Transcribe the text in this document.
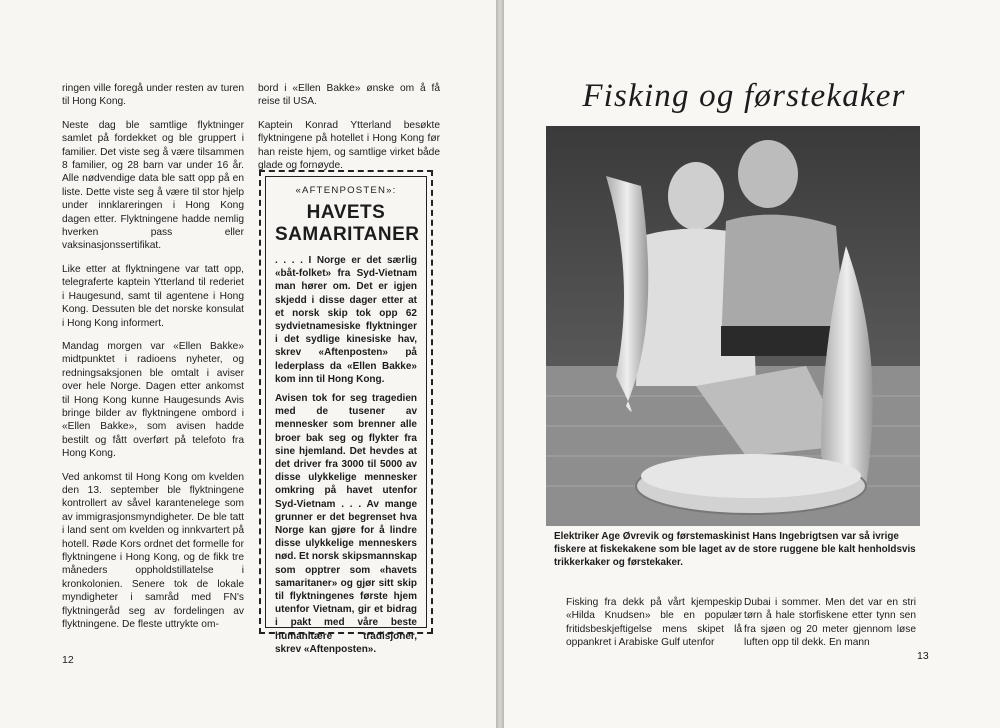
ringen ville foregå under resten av turen til Hong Kong.

Neste dag ble samtlige flyktninger samlet på fordekket og ble gruppert i familier. Det viste seg å være tilsammen 8 familier, og 28 barn var under 16 år. Alle nødvendige data ble satt opp på en liste. Dette viste seg å være til stor hjelp under innklareringen i Hong Kong dagen etter. Flyktningene hadde nemlig hverken pass eller vaksinasjonssertifikat.

Like etter at flyktningene var tatt opp, telegraferte kaptein Ytterland til rederiet i Haugesund, samt til agentene i Hong Kong. Dessuten ble det norske konsulat i Hong Kong informert.

Mandag morgen var «Ellen Bakke» midtpunktet i radioens nyheter, og redningsaksjonen ble omtalt i aviser over hele Norge. Dagen etter ankomst til Hong Kong kunne Haugesunds Avis bringe bilder av flyktningene ombord i «Ellen Bakke», som avisen hadde bestilt og fått overført på telefoto fra Hong Kong.

Ved ankomst til Hong Kong om kvelden den 13. september ble flyktningene kontrollert av såvel karantenelege som av immigrasjonsmyndigheter. De ble tatt i land sent om kvelden og innkvartert på hotell. Røde Kors ordnet det formelle for flyktningene i Hong Kong, og de fikk tre måneders oppholdstillatelse i kronkolonien. Senere tok de lokale myndigheter i samråd med FN's flyktningeråd seg av fordelingen av flyktningene. De fleste uttrykte om-

bord i «Ellen Bakke» ønske om å få reise til USA.

Kaptein Konrad Ytterland besøkte flyktningene på hotellet i Hong Kong før han reiste hjem, og samtlige virket både glade og fornøyde.

«AFTENPOSTEN»:
HAVETS
SAMARITANER

. . . . I Norge er det særlig «båt-folket» fra Syd-Vietnam man hører om. Det er igjen skjedd i disse dager etter at et norsk skip tok opp 62 sydvietnamesiske flyktninger i det sydlige kinesiske hav, skrev «Aftenposten» på lederplass da «Ellen Bakke» kom inn til Hong Kong.

Avisen tok for seg tragedien med de tusener av mennesker som brenner alle broer bak seg og flykter fra sine hjemland. Det hevdes at det driver fra 3000 til 5000 av disse ulykkelige mennesker omkring på havet utenfor Syd-Vietnam . . . Av mange grunner er det begrenset hva Norge kan gjøre for å lindre disse ulykkelige menneskers nød. Et norsk skipsmannskap som opptrer som «havets samaritaner» og gjør sitt skip til flyktningenes første hjem utenfor Vietnam, gir et bidrag i pakt med våre beste humanitære tradisjoner, skrev «Aftenposten».

12
Fisking og førstekaker
Elektriker Age Øvrevik og førstemaskinist Hans Ingebrigtsen var så ivrige fiskere at fiskekakene som ble laget av de store ruggene ble kalt henholdsvis trikkerkaker og førstekaker.

Fisking fra dekk på vårt kjempeskip «Hilda Knudsen» ble en populær fritidsbeskjeftigelse mens skipet lå oppankret i Arabiske Gulf utenfor

Dubai i sommer. Men det var en stri tørn å hale storfiskene etter tynn sen fra sjøen og 20 meter gjennom løse luften opp til dekk. En mann

13
